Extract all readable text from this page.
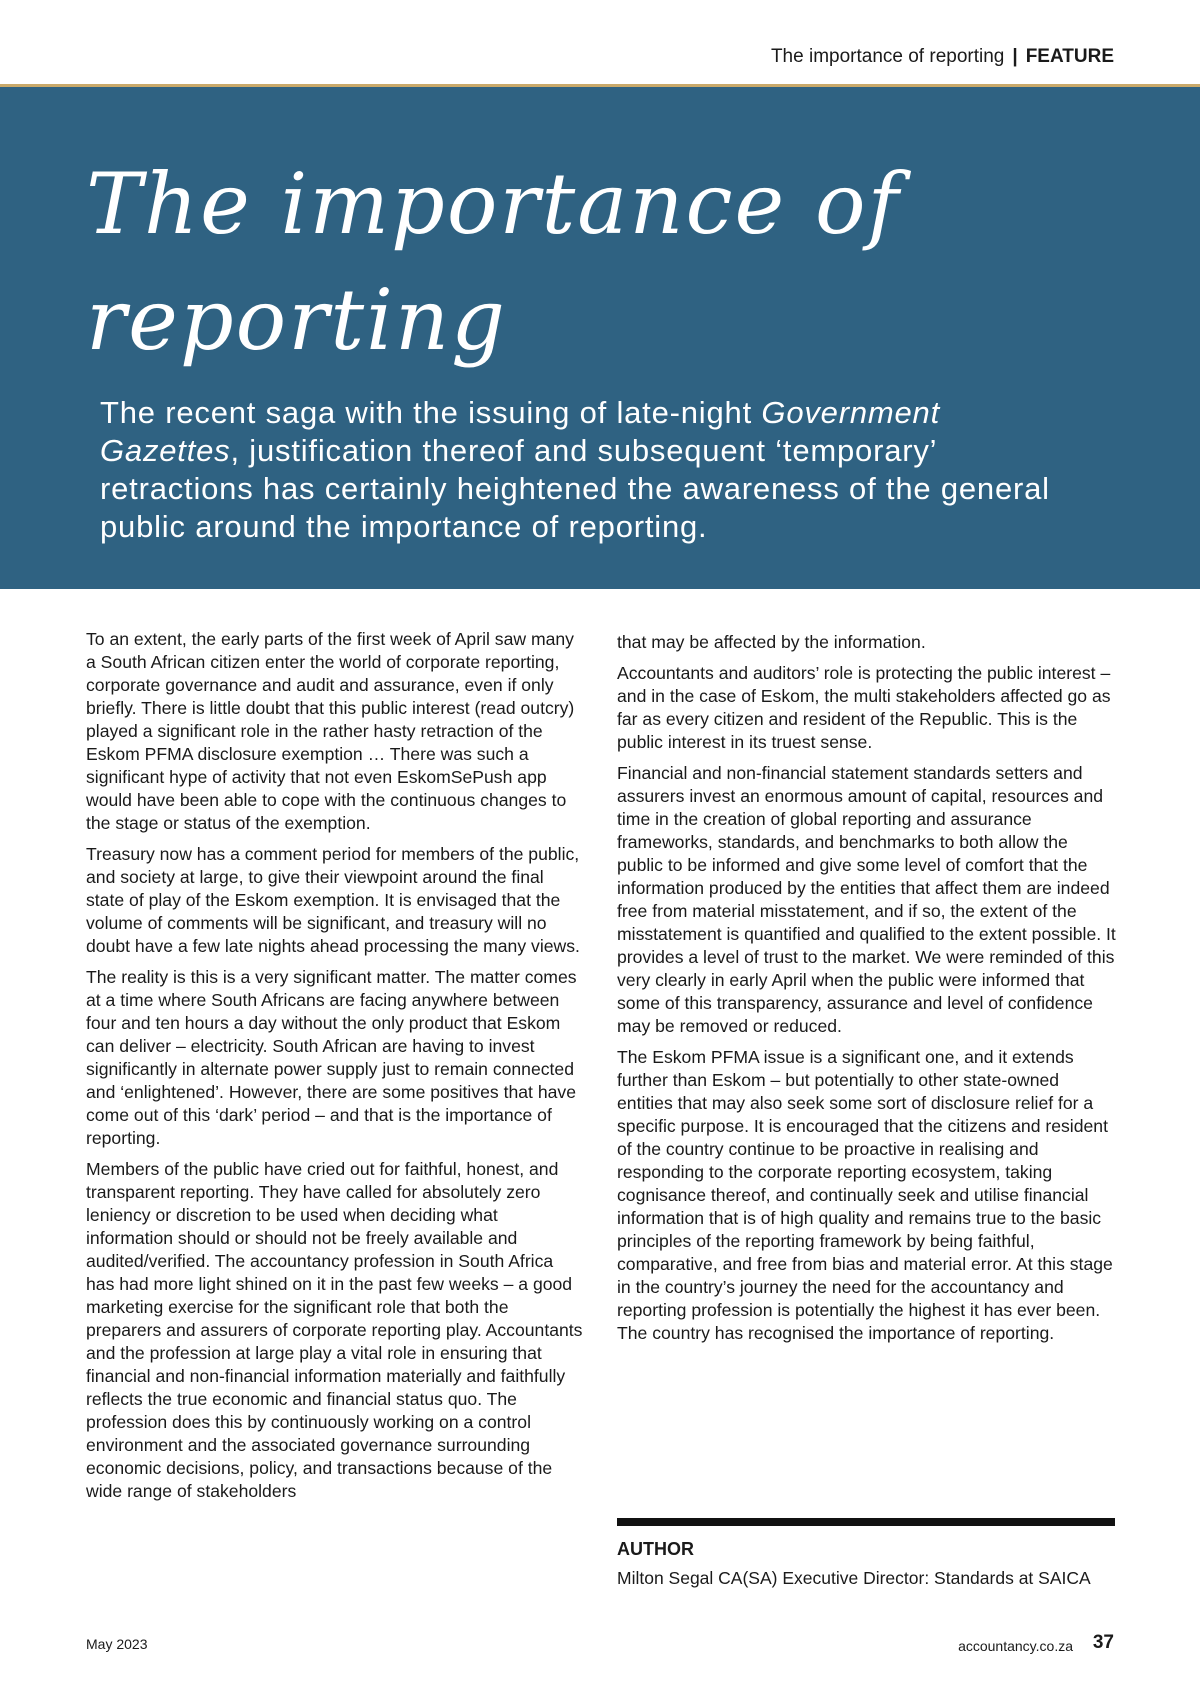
The importance of reporting | FEATURE
The importance of
reporting

The recent saga with the issuing of late-night Government Gazettes, justification thereof and subsequent ‘temporary’ retractions has certainly heightened the awareness of the general public around the importance of reporting.

To an extent, the early parts of the first week of April saw many a South African citizen enter the world of corporate reporting, corporate governance and audit and assurance, even if only briefly. There is little doubt that this public interest (read outcry) played a significant role in the rather hasty retraction of the Eskom PFMA disclosure exemption … There was such a significant hype of activity that not even EskomSePush app would have been able to cope with the continuous changes to the stage or status of the exemption.

Treasury now has a comment period for members of the public, and society at large, to give their viewpoint around the final state of play of the Eskom exemption. It is envisaged that the volume of comments will be significant, and treasury will no doubt have a few late nights ahead processing the many views.

The reality is this is a very significant matter. The matter comes at a time where South Africans are facing anywhere between four and ten hours a day without the only product that Eskom can deliver – electricity. South African are having to invest significantly in alternate power supply just to remain connected and ‘enlightened’. However, there are some positives that have come out of this ‘dark’ period – and that is the importance of reporting.

Members of the public have cried out for faithful, honest, and transparent reporting. They have called for absolutely zero leniency or discretion to be used when deciding what information should or should not be freely available and audited/verified. The accountancy profession in South Africa has had more light shined on it in the past few weeks – a good marketing exercise for the significant role that both the preparers and assurers of corporate reporting play. Accountants and the profession at large play a vital role in ensuring that financial and non-financial information materially and faithfully reflects the true economic and financial status quo. The profession does this by continuously working on a control environment and the associated governance surrounding economic decisions, policy, and transactions because of the wide range of stakeholders

that may be affected by the information.

Accountants and auditors’ role is protecting the public interest – and in the case of Eskom, the multi stakeholders affected go as far as every citizen and resident of the Republic. This is the public interest in its truest sense.

Financial and non-financial statement standards setters and assurers invest an enormous amount of capital, resources and time in the creation of global reporting and assurance frameworks, standards, and benchmarks to both allow the public to be informed and give some level of comfort that the information produced by the entities that affect them are indeed free from material misstatement, and if so, the extent of the misstatement is quantified and qualified to the extent possible. It provides a level of trust to the market. We were reminded of this very clearly in early April when the public were informed that some of this transparency, assurance and level of confidence may be removed or reduced.

The Eskom PFMA issue is a significant one, and it extends further than Eskom – but potentially to other state-owned entities that may also seek some sort of disclosure relief for a specific purpose. It is encouraged that the citizens and resident of the country continue to be proactive in realising and responding to the corporate reporting ecosystem, taking cognisance thereof, and continually seek and utilise financial information that is of high quality and remains true to the basic principles of the reporting framework by being faithful, comparative, and free from bias and material error. At this stage in the country’s journey the need for the accountancy and reporting profession is potentially the highest it has ever been. The country has recognised the importance of reporting.

AUTHOR
Milton Segal CA(SA) Executive Director: Standards at SAICA
May 2023	accountancy.co.za 37
